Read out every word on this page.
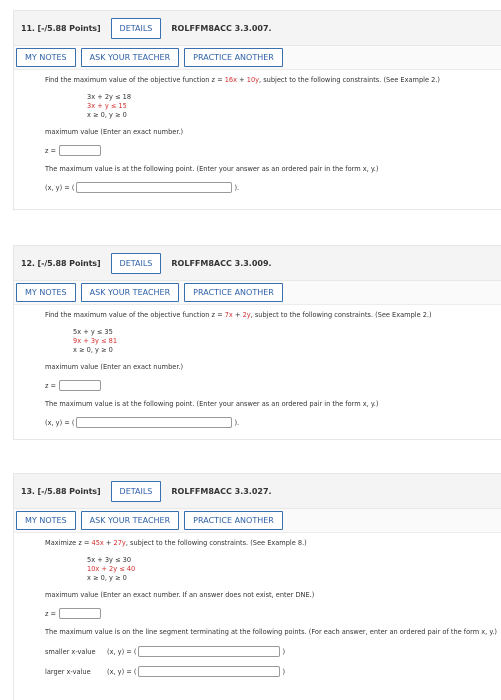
11. [-/5.88 Points]	DETAILS	ROLFFM8ACC 3.3.007.
MY NOTES	ASK YOUR TEACHER	PRACTICE ANOTHER

Find the maximum value of the objective function z = 16x + 10y, subject to the following constraints. (See Example 2.)

3x + 2y ≤ 18
3x + y ≤ 15
x ≥ 0, y ≥ 0

maximum value (Enter an exact number.)

z =

The maximum value is at the following point. (Enter your answer as an ordered pair in the form x, y.)

(x, y) = (	).
12. [-/5.88 Points]	DETAILS	ROLFFM8ACC 3.3.009.
MY NOTES	ASK YOUR TEACHER	PRACTICE ANOTHER

Find the maximum value of the objective function z = 7x + 2y, subject to the following constraints. (See Example 2.)

5x + y ≤ 35
9x + 3y ≤ 81
x ≥ 0, y ≥ 0

maximum value (Enter an exact number.)

z =

The maximum value is at the following point. (Enter your answer as an ordered pair in the form x, y.)

(x, y) = (	).
13. [-/5.88 Points]	DETAILS	ROLFFM8ACC 3.3.027.
MY NOTES	ASK YOUR TEACHER	PRACTICE ANOTHER

Maximize z = 45x + 27y, subject to the following constraints. (See Example 8.)

5x + 3y ≤ 30
10x + 2y ≤ 40
x ≥ 0, y ≥ 0

maximum value (Enter an exact number. If an answer does not exist, enter DNE.)

z =

The maximum value is on the line segment terminating at the following points. (For each answer, enter an ordered pair of the form x, y.)

smaller x-value	(x, y) = (	)
larger x-value	(x, y) = (	)
